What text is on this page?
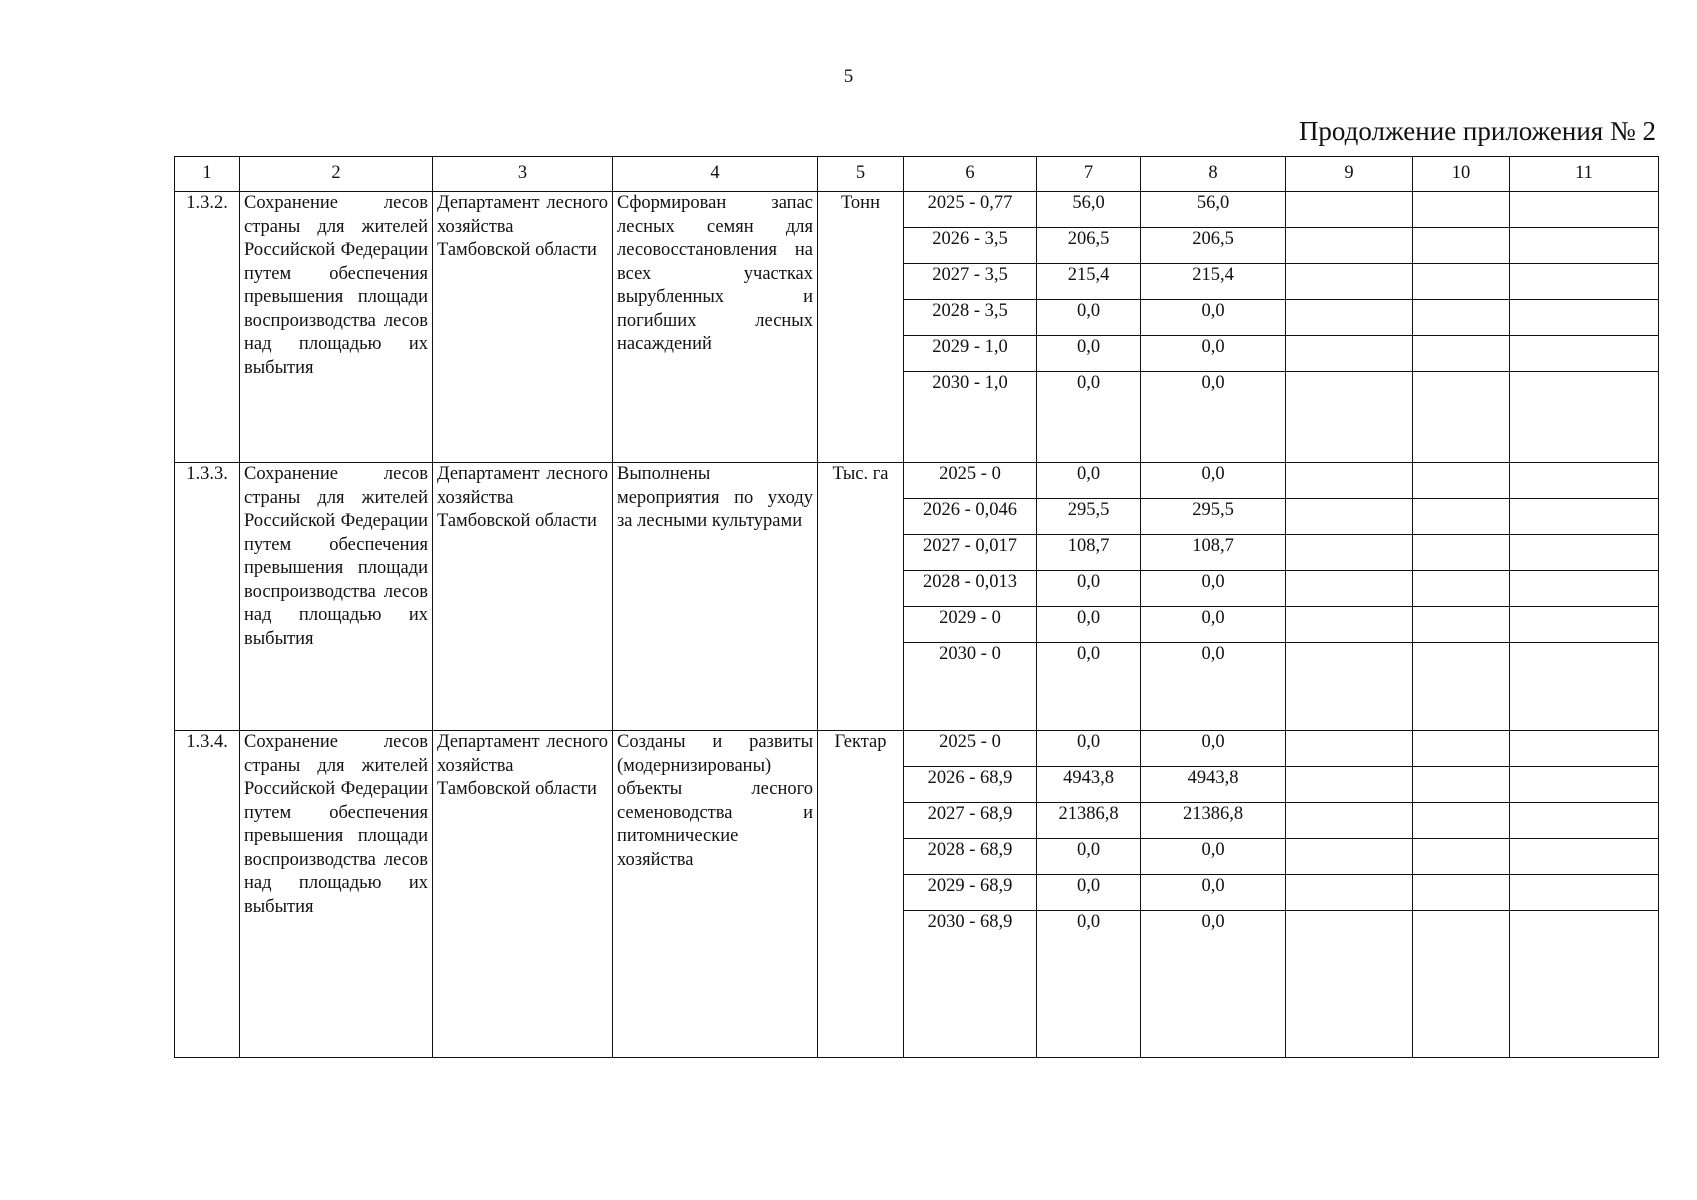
5
Продолжение приложения № 2
1	2	3	4	5	6	7	8	9	10	11
1.3.2.	Сохранение лесов страны для жителей Российской Федерации путем обеспечения превышения площади воспроизводства лесов над площадью их выбытия	Департамент лесного хозяйства Тамбовской области	Сформирован запас лесных семян для лесовосстановления на всех участках вырубленных и погибших лесных насаждений	Тонн	2025 - 0,77	56,0	56,0			
					2026 - 3,5	206,5	206,5			
					2027 - 3,5	215,4	215,4			
					2028 - 3,5	0,0	0,0			
					2029 - 1,0	0,0	0,0			
					2030 - 1,0	0,0	0,0			
1.3.3.	Сохранение лесов страны для жителей Российской Федерации путем обеспечения превышения площади воспроизводства лесов над площадью их выбытия	Департамент лесного хозяйства Тамбовской области	Выполнены мероприятия по уходу за лесными культурами	Тыс. га	2025 - 0	0,0	0,0			
					2026 - 0,046	295,5	295,5			
					2027 - 0,017	108,7	108,7			
					2028 - 0,013	0,0	0,0			
					2029 - 0	0,0	0,0			
					2030 - 0	0,0	0,0			
1.3.4.	Сохранение лесов страны для жителей Российской Федерации путем обеспечения превышения площади воспроизводства лесов над площадью их выбытия	Департамент лесного хозяйства Тамбовской области	Созданы и развиты (модернизированы) объекты лесного семеноводства и питомнические хозяйства	Гектар	2025 - 0	0,0	0,0			
					2026 - 68,9	4943,8	4943,8			
					2027 - 68,9	21386,8	21386,8			
					2028 - 68,9	0,0	0,0			
					2029 - 68,9	0,0	0,0			
					2030 - 68,9	0,0	0,0			
